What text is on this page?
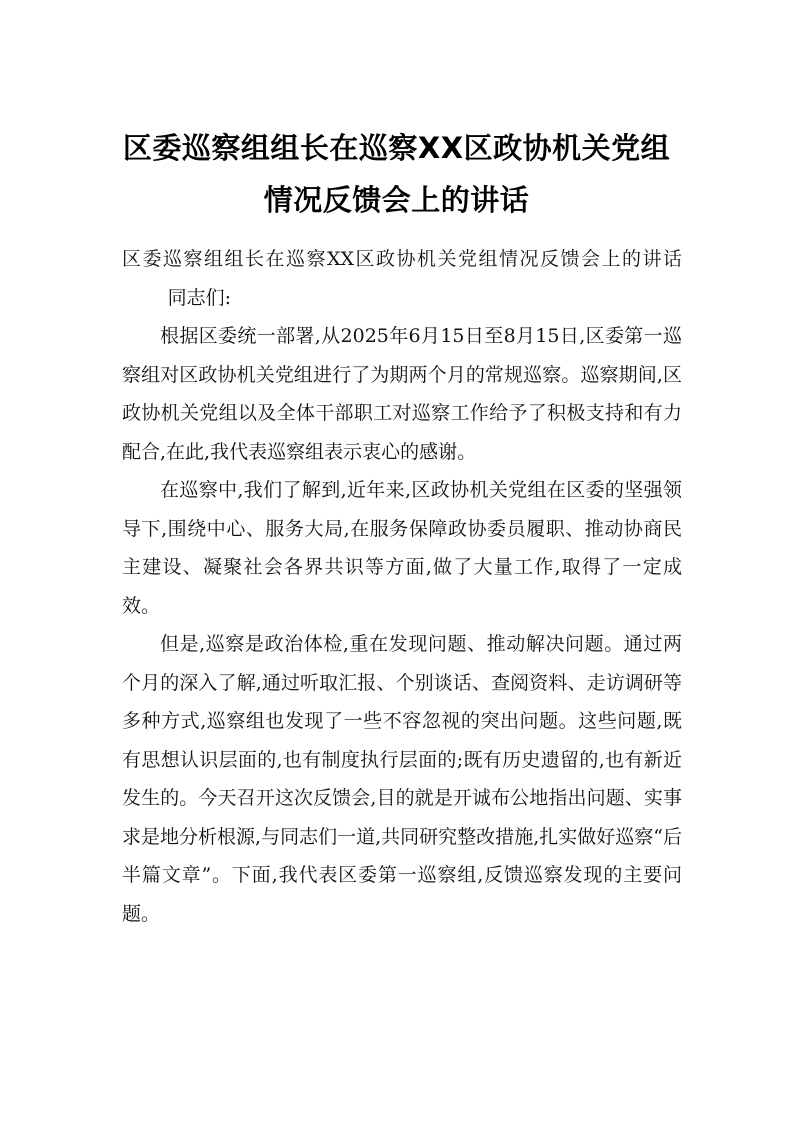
区委巡察组组长在巡察XX区政协机关党组
情况反馈会上的讲话

区委巡察组组长在巡察XX区政协机关党组情况反馈会上的讲话同志们:

根据区委统一部署,从2025年6月15日至8月15日,区委第一巡察组对区政协机关党组进行了为期两个月的常规巡察。巡察期间,区政协机关党组以及全体干部职工对巡察工作给予了积极支持和有力配合,在此,我代表巡察组表示衷心的感谢。

在巡察中,我们了解到,近年来,区政协机关党组在区委的坚强领导下,围绕中心、服务大局,在服务保障政协委员履职、推动协商民主建设、凝聚社会各界共识等方面,做了大量工作,取得了一定成效。

但是,巡察是政治体检,重在发现问题、推动解决问题。通过两个月的深入了解,通过听取汇报、个别谈话、查阅资料、走访调研等多种方式,巡察组也发现了一些不容忽视的突出问题。这些问题,既有思想认识层面的,也有制度执行层面的;既有历史遗留的,也有新近发生的。今天召开这次反馈会,目的就是开诚布公地指出问题、实事求是地分析根源,与同志们一道,共同研究整改措施,扎实做好巡察“后半篇文章”。下面,我代表区委第一巡察组,反馈巡察发现的主要问题。
